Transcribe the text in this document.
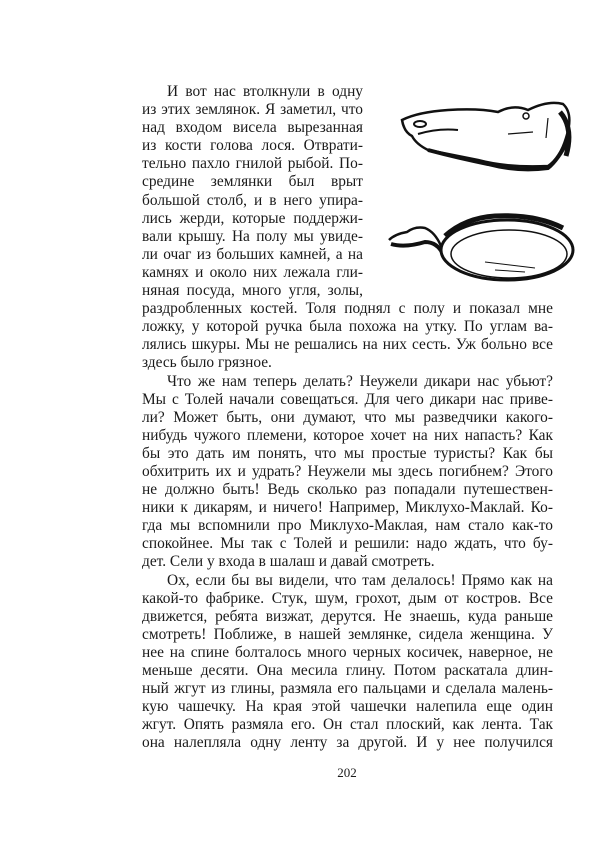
И вот нас втолкнули в одну
из этих землянок. Я заметил, что
над входом висела вырезанная
из кости голова лося. Отврати-
тельно пахло гнилой рыбой. По-
средине землянки был врыт
большой столб, и в него упира-
лись жерди, которые поддержи-
вали крышу. На полу мы увиде-
ли очаг из больших камней, а на
камнях и около них лежала гли-
няная посуда, много угля, золы,
раздробленных костей. Толя поднял с полу и показал мне
ложку, у которой ручка была похожа на утку. По углам ва-
лялись шкуры. Мы не решались на них сесть. Уж больно все
здесь было грязное.
Что же нам теперь делать? Неужели дикари нас убьют?
Мы с Толей начали совещаться. Для чего дикари нас приве-
ли? Может быть, они думают, что мы разведчики какого-
нибудь чужого племени, которое хочет на них напасть? Как
бы это дать им понять, что мы простые туристы? Как бы
обхитрить их и удрать? Неужели мы здесь погибнем? Этого
не должно быть! Ведь сколько раз попадали путешествен-
ники к дикарям, и ничего! Например, Миклухо-Маклай. Ко-
гда мы вспомнили про Миклухо-Маклая, нам стало как-то
спокойнее. Мы так с Толей и решили: надо ждать, что бу-
дет. Сели у входа в шалаш и давай смотреть.
Ох, если бы вы видели, что там делалось! Прямо как на
какой-то фабрике. Стук, шум, грохот, дым от костров. Все
движется, ребята визжат, дерутся. Не знаешь, куда раньше
смотреть! Поближе, в нашей землянке, сидела женщина. У
нее на спине болталось много черных косичек, наверное, не
меньше десяти. Она месила глину. Потом раскатала длин-
ный жгут из глины, размяла его пальцами и сделала малень-
кую чашечку. На края этой чашечки налепила еще один
жгут. Опять размяла его. Он стал плоский, как лента. Так
она налепляла одну ленту за другой. И у нее получился
202
